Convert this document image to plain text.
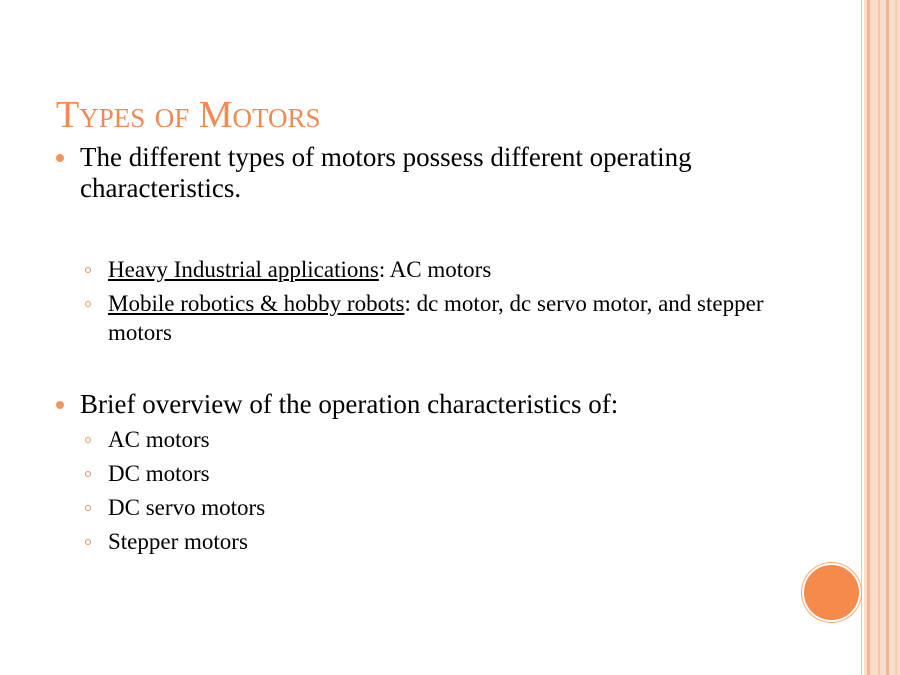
Types of Motors
The different types of motors possess different operating characteristics.
Heavy Industrial applications: AC motors
Mobile robotics & hobby robots: dc motor, dc servo motor, and stepper motors
Brief overview of the operation characteristics of:
AC motors
DC motors
DC servo motors
Stepper motors
